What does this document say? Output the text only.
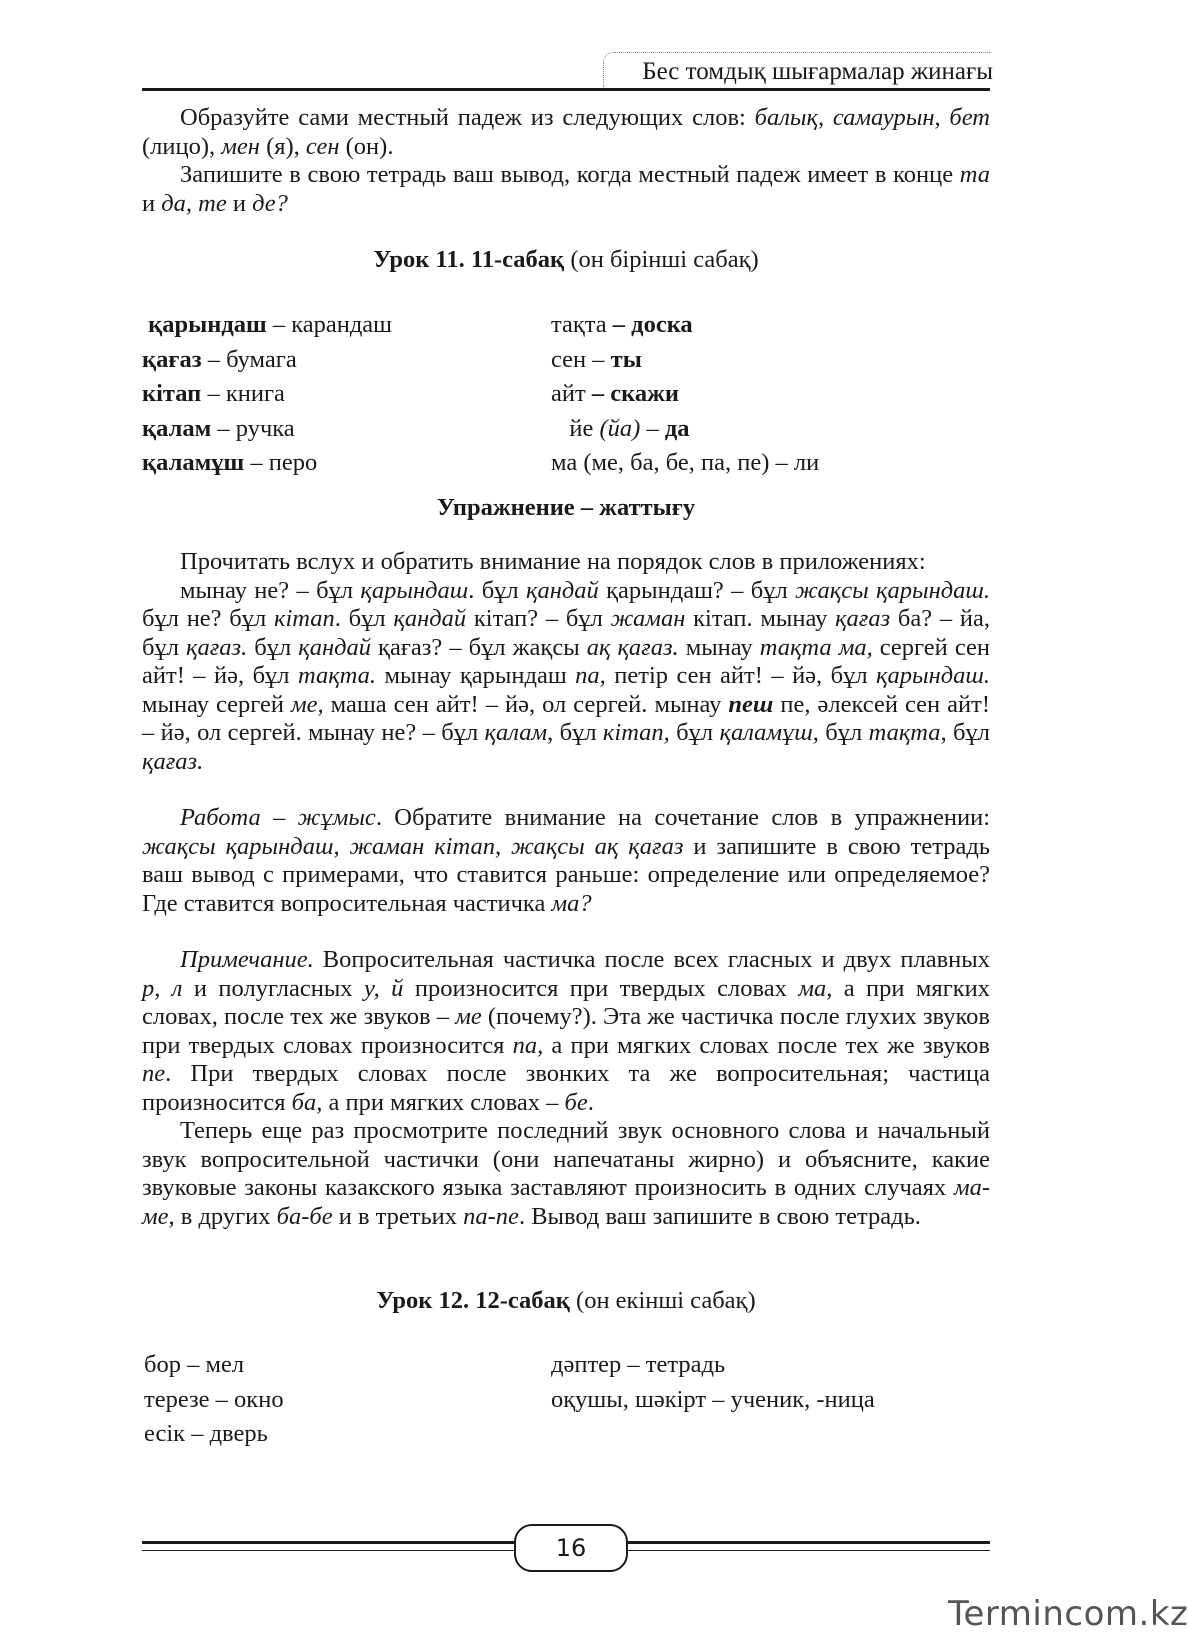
Бес томдық шығармалар жинағы

Образуйте сами местный падеж из следующих слов: балық, самаурын, бет (лицо), мен (я), сен (он).

Запишите в свою тетрадь ваш вывод, когда местный падеж имеет в конце та и да, те и де?

Урок 11. 11-сабақ (он бірінші сабақ)
қарындаш – карандаш
қағаз – бумага
кітап – книга
қалам – ручка
қаламұш – перо
тақта – доска
сен – ты
айт – скажи
йе (йа) – да
ма (ме, ба, бе, па, пе) – ли
Упражнение – жаттығу

Прочитать вслух и обратить внимание на порядок слов в приложениях:

мынау не? – бұл қарындаш. бұл қандай қарындаш? – бұл жақсы қарындаш. бұл не? бұл кітап. бұл қандай кітап? – бұл жаман кітап. мынау қағаз ба? – йа, бұл қағаз. бұл қандай қағаз? – бұл жақсы ақ қағаз. мынау тақта ма, сергей сен айт! – йә, бұл тақта. мынау қарындаш па, петір сен айт! – йә, бұл қарындаш. мынау сергей ме, маша сен айт! – йә, ол сергей. мынау пеш пе, әлексей сен айт! – йә, ол сергей. мынау не? – бұл қалам, бұл кітап, бұл қаламұш, бұл тақта, бұл қағаз.

Работа – жұмыс. Обратите внимание на сочетание слов в упражнении: жақсы қарындаш, жаман кітап, жақсы ақ қағаз и запишите в свою тетрадь ваш вывод с примерами, что ставится раньше: определение или определяемое? Где ставится вопросительная частичка ма?

Примечание. Вопросительная частичка после всех гласных и двух плавных р, л и полугласных у, й произносится при твердых словах ма, а при мягких словах, после тех же звуков – ме (почему?). Эта же частичка после глухих звуков при твердых словах произносится па, а при мягких словах после тех же звуков пе. При твердых словах после звонких та же вопросительная; частица произносится ба, а при мягких словах – бе.

Теперь еще раз просмотрите последний звук основного слова и начальный звук вопросительной частички (они напечатаны жирно) и объясните, какие звуковые законы казакского языка заставляют произносить в одних случаях ма-ме, в других ба-бе и в третьих па-пе. Вывод ваш запишите в свою тетрадь.

Урок 12. 12-сабақ (он екінші сабақ)
бор – мел
терезе – окно
есік – дверь
дәптер – тетрадь
оқушы, шәкірт – ученик, -ница
16
Termincom.kz
